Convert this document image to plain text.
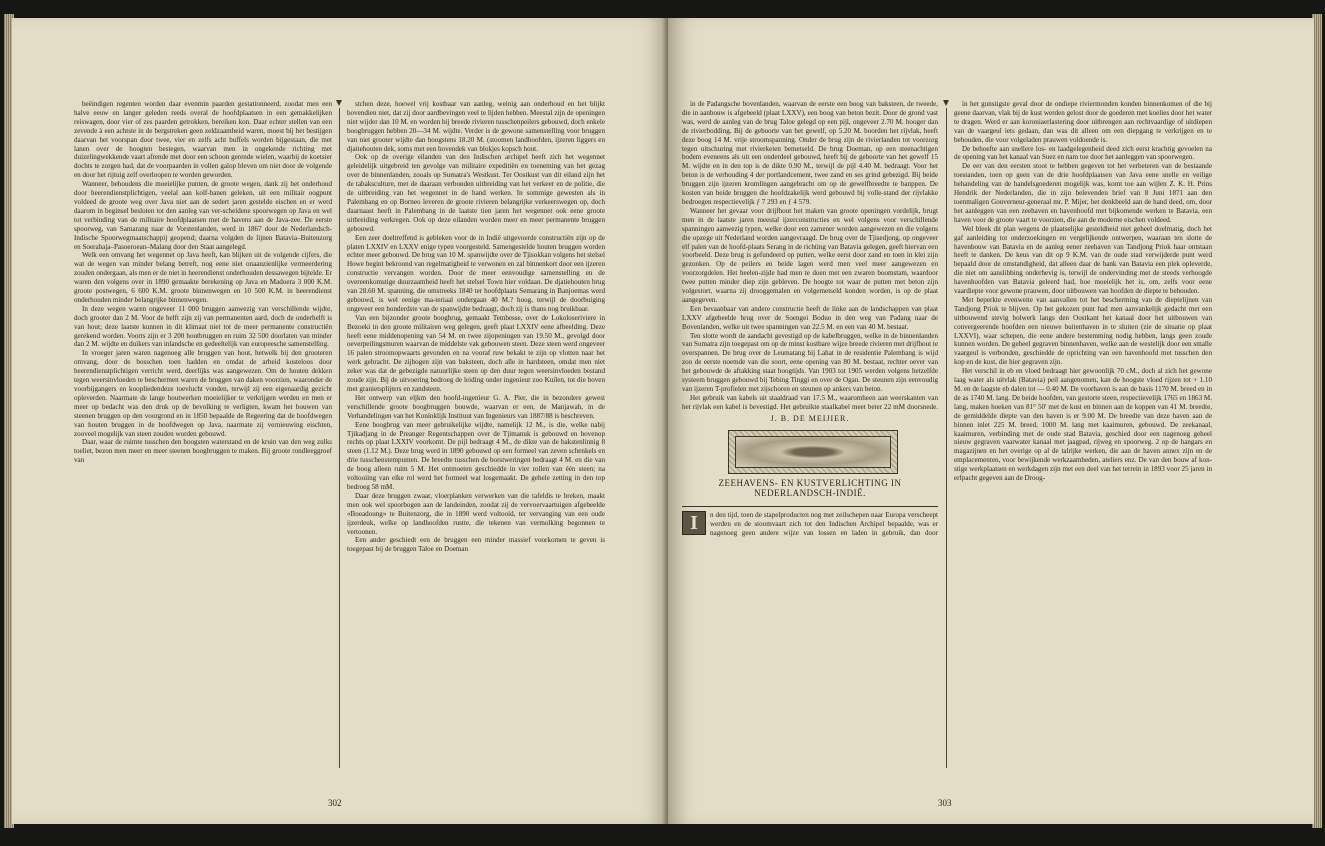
beëindigen regenten worden daar evenmin paarden gestationneerd, zoodat men een halve eeuw en langer geleden reeds overal de hoofdplaatsen in een gemakkelijken reiswagen, door vier of zes paarden getrokken, bereiken kon. Daar echter stellen van een zevende à een achtste in de bergstreken geen zeldzaamheid waren, moest bij het bestijgen daarvan het voorspan door twee, vier en zelfs acht buffels worden bijgestaan, die met lanen over de hoogten bestegen, waarvan men in ongekende richting met duizelingwekkende vaart afrende met door een schoon gerende wielen, waarbij de koetsier dochts te zorgen had, dat de voorpaarden in vollen galop bleven om niet door de volgende en door het rijtuig zelf overloopen te worden geworden.

Wanneer, behoudens die moeielijke punten, de groote wegen, dank zij het onderhoud door heerendienstplichtigen, veelal aan kolf-banen geleken, uit een militair oogpunt voldeed de groote weg over Java niet aan de sedert jaren gestelde eischen en er werd daarom in beginsel besloten tot den aanleg van ver-scheidene spoorwegen op Java en wel tot verbinding van de militaire hoofdplaatsen met de havens aan de Java-zee. De eerste spoorweg, van Samarang naar de Vorstenlanden, werd in 1867 door de Nederlandsch-Indische Spoorwegmaatschappij geopend; daarna volgden de lijnen Batavia–Buitenzorg en Soerabaja–Pasoeroean–Malang door den Staat aangelegd.

Welk een omvang het wegennet op Java heeft, kan blijken uit de volgende cijfers, die wat de wegen van minder belang betreft, nog eene niet onaanzienlijke vermeerdering zouden ondergaan, als men er de niet in heerendienst onderhouden dessawegen bijtelde. Er waren den volgens over in 1890 gemaakte berekening op Java en Madoera 3 000 K.M. groote postwegen, 6 600 K.M. groote binnenwegen en 10 500 K.M. in heerendienst onderhouden minder belangrijke binnenwegen.

In deze wegen waren ongeveer 11 000 bruggen aanwezig van verschillende wijdte, doch grooter dan 2 M. Voor de helft zijn zij van permanenten aard, doch de onderhelft is van hout; deze laatste kunnen in dit klimaat niet tot de meer permanente constructiën gerekend worden. Voorts zijn er 3 200 houtbruggen en ruim 32 500 doorlaten van minder dan 2 M. wijdte en duikers van inlandsche en gedeeltelijk van europeesche samenstelling.

In vroeger jaren waren nagenoeg alle bruggen van hout, hetwelk bij den grooteren omvang, door de bosschen toen hadden en omdat de arbeid kosteloos door heerendienstplichtigen verricht werd, deerlijks was aangewezen. Om de houten dekken tegen weersinvloeden te beschermen waren de bruggen van daken voorzien, waaronder de voorbijgangers en koopliedendeze toevlucht vonden, terwijl zij een eigenaardig gezicht opleverden. Naarmate de lange houtwerken moeielijker te verkrijgen werden en men er meer op bedacht was den druk op de bevolking te verligten, kwam het bouwen van steenen bruggen op den voorgrond en in 1850 bepaalde de Regeering dat de hoofdwegen van houten bruggen in de hoofdwegen op Java, naarmate zij vernieuwing eischten, zooveel mogelijk van steen zouden worden gebouwd.

Daar, waar de ruimte tusschen den hoogsten waterstand en de kruin van den weg zulks toeliet, bezon men meer en meer steenen boogbruggen te maken. Bij groote rondleeggroef van

stchen deze, hoewel vrij kostbaar van aanleg, weinig aan onderhoud en het blijkt bovendien niet, dat zij door aardbevingen veel te lijden hebben. Meestal zijn de openingen niet wijder dan 10 M. en worden bij breede rivieren tusschenpeilers gebouwd, doch enkele boogbruggen hebben 20—34 M. wijdte. Verder is de gewone samenstelling voor bruggen van niet grooter wijdte dan hoogstens 18.20 M. (stoomen landhoofden, ijzeren liggers en djatiehouten dek, soms met een hovendek van blokjes kopsch hout.

Ook op de overige eilanden van den Indischen archipel heeft zich het wegennet geleidelijk uitgebreid ten gevolge van militaire expeditiën en toeneming van het gezag over de binnenlanden, zooals op Sumatra's Westkust. Ter Oostkust van dit eiland zijn het de tabaksculture, met de daaraan verbonden uitbreiding van het verkeer en de politie, die de uitbreiding van het wegennet in de hand werken. In sommige gewesten als in Palembang en op Borneo leveren de groote rivieren belangrijke verkeerswegen op, doch daarnaast heeft in Palembang in de laatste tien jaren het wegennet ook eene groote uitbreiding verkregen. Ook op deze eilanden worden meer en meer permanente bruggen gebouwd.

Een zeer doeltreffend is gebleken voor de in Indië uitgevoerde constructiën zijn op de platen LXXIV en LXXV enige typen voorgesteld. Samengestelde houten bruggen worden echter meer gebouwd. De brug van 10 M. spanwijdte over de Tjisokkan volgens het stelsel Howe begint bekroond van regelmatigheid te verwonen en zal binnenkort door een ijzeren constructie vervangen worden. Door de meer eenvoudige samenstelling en de overeenkomstige duurzaamheid heeft het stelsel Town hier voldaan. De djatiehouten brug van 28.60 M. spanning, die omstreeks 1840 ter hoofdplaats Semarang in Banjoemas werd gebouwd, is wel eenige ma-teriaal ondergaan 40 M.? hoog, terwijl de doorbuiging ongeveer een honderdste van de spanwijdte bedraagt, doch zij is thans nog bruikbaar.

Van een bijzonder groote boogbrug, gemaakt Tembesse, over de Lokoloseriviere in Bezoeki in den groote militairen weg gelegen, geeft plaat LXXIV eene afbeelding. Deze heeft eene middenopening van 54 M. en twee zijopeningen van 19.50 M., gevolgd door oeverpeilingsmuren waarvan de middelste vak gebouwen steen. Deze steen werd ongeveer 16 palen stroomopwaarts gevonden en na vooraf ruw bekakt te zijn op vlotten naar het werk gebracht. De zijbogen zijn van baksteen, doch alle in hardsteen, omdat men niet zeker was dat de gebezigde natuurlijke steen op den duur tegen weersinvloeden bestand zoude zijn. Bij de uitvoering bedroeg de leiding onder ingenieur zoo Kuilen, tot die boven met granietsplijters en zandsteen.

Het ontwerp van eljkm den hoofd-ingenieur G. A. Pier, die in bezondere gewest verschillende groote boogbruggen bouwde, waarvan er een, de Manjawah, in de Verhandelingen van het Koninklijk Instituut van Ingenieurs van 1887/88 is beschreven.

Eene boogbrug van meer gebruikelijke wijdte, namelijk 12 M., is die, welke nabij Tjikadjang in de Preanger Regentschappen over de Tjimanuk is gebouwd en bovenop rechts op plaat LXXIV voorkomt. De pijl bedraagt 4 M., de dikte van de bakstenlinnig 8 steen (1.12 M.). Deze brug werd in 1890 gebouwd op een formeel van zeven schenkels en drie tusschenstempunten. De breedte tusschen de borstweringen bedraagt 4 M. en die van de boog alleen ruim 5 M. Het ontmoeten geschiedde in vier rollen van één steen; na voltooiing van elke rol werd het formeel wat losgemaakt. De gehele zetting in den top bedroeg 58 mM.

Daar deze bruggen zwaar, vloerplanken verwerken van die tafeldis te breken, maakt men ook wel spoorbogen aan de landeinden, zoodat zij de vervoervaartuigen afgebeelde «Boeadoung» te Buitenzorg, die in 1890 werd voltooid, ter vervanging van een oude ijzerdeuk, welke op landhoofden rustte, die tekenen van vermolking begonnen te vertoonen.

Een ander geschiedt een de bruggen een minder massief voorkomen te geven is toegepast bij de bruggen Taloe en Doeman

302

in de Padangsche bovenlanden, waarvan de eerste een boog van baksteen, de tweede, die in aanbouw is afgebeeld (plaat LXXV), een boog van beton bezit. Door de grond vast was, werd de aanleg van de brug Taloe gelegd op een pijl, ongeveer 2.70 M. hooger dan de rivierbodding. Bij de geboorte van het gewelf, op 5.20 M. boorden het rijvlak, heeft deze boog 14 M. vrije stroomspanning. Onder de brug zijn de rivierlanden tot voorzorg tegen uitschuring met rivierkeien bemetseld. De brug Doeman, op een steenachtigen bodem eveneens als uit een onderdeel gebouwd, heeft bij de geboorte van het gewelf 15 M. wijdte en in den top is de dikte 0.90 M., terwijl de pijl 4.40 M. bedraagt. Voor het beton is de verhouding 4 der portlandcement, twee zand en ses grind gebezigd. Bij beide bruggen zijn ijzeren kromlingen aangebracht om op de gewelfbreedte te banppen. De kosten van beide bruggen die hoofdzakelijk werd gebouwd bij volle-stand der rijvlakke bedroegen respectievelijk ƒ 7 293 en ƒ 4 579.

Wanneer het gevaar voor drijfhout het maken van groote openingen vordelijk, brugt men in de laatste jaren meestal ijzerconstructies en wel volgens voor verschillende spanningen aanwezig typen, welke door een zamener worden aangewezen en die volgens die opzege uit Nederland worden aangevraagd. De brug over de Tjisedjong, op ongeveer elf palen van de hoofd-plaats Serang in de richting van Batavia gelegen, geeft hiervan een voorbeeld. Deze brug is gefundeerd op putten, welke eerst door zand en toen in klei zijn gezonken. Op de peilers en beide lagen werd men veel meer aangewezen en voorzorgdelen. Het heelen-zijde had men te doen met een zwaren boomstam, waardoor twee putten minder diep zijn gebleven. De hoogte tot waar de putten met beton zijn volgestort, waarna zij drooggemalen en volgemetseld konden worden, is op de plaat aangegeven.

Een bevaanbaar van andere constructie heeft de linke aan de landschappen van plaat LXXV afgebeelde brug over de Soengei Boduo in den weg van Padang naar de Bovenlanden, welke uit twee spanningen van 22.5 M. en een van 40 M. bestaat.

Ten slotte wordt de aandacht gevestigd op de kabelbruggen, welke in de binnenlanden van Sumatra zijn toegepast om op de minst kostbare wijze breede rivieren met drijfhout te overspannen. De brug over de Leumatang bij Lahat in de residentie Palembang is wijd zoo de eerste noemde van die soort, eene opening van 80 M. bestaat, rechter oever van het gebouwde de aftakking staat hoogtijds. Van 1903 tot 1905 werden volgens hetzelfde systeem bruggen gebouwd bij Tebing Tinggi en over de Ogan. De steunen zijn eenvoudig van ijzeren T-profielen met zijschoren en steunen op ankers van beton.

Het gebruik van kabels uit staaldraad van 17.5 M., waaromheen aan weerskanten van het rijvlak een kabel is bevestigd. Het gebruikte staalkabel meet beter 22 mM doorsnede.

J. B. DE MEIJIER.
ZEEHAVENS- EN KUSTVERLICHTING IN
NEDERLANDSCH-INDIË.
I	n den tijd, toen de stapelproducten nog met zeilschepen naar Europa verscheept werden en de stoomvaart zich tot den Indischen Archipel bepaalde, was er nagenoeg geen andere wijze van lossen en laden in gebruik, dan door

in het gunstigste geval door de ondiepe riviermonden konden binnenkomen of die bij geene daarvan, vlak bij de kust werden gelost door de goederen met koelies door het water te dragen. Werd er aan koroniaerlastering door uitbrengen aan rechtvaardige of uitdiepen van de vaargeul iets gedaan, dan was dit alleen om een diepgang te verkrijgen en te behouden, die voor volgeladen prauwen voldoende is.

De behoefte aan snellere los- en laadgelegenheid deed zich eerst krachtig gevoelen na de opening van het kanaal van Suez en nam toe door het aanleggen van spoorwegen.

De eer van den eersten stoot te hebben gegeven tot het verbeteren van de bestaande toestanden, toen op geen van de drie hoofdplaatsen van Java eene snelle en veilige behandeling van de handelsgoederen mogelijk was, komt toe aan wijlen Z. K. H. Prins Hendrik der Nederlanden, die in zijn belevenden brief van 8 Juni 1871 aan den toenmaligen Gouverneur-generaal mr. P. Mijer, het denkbeeld aan de hand deed, om, door het aanleggen van een zeehaven en havenhoofd met bijkomende werken te Batavia, een haven voor de groote vaart te voorzien, die aan de moderne eischen voldeed.

Wel bleek dit plan wegens de plaatselijke gesteldheid niet geheel doelmatig, doch het gaf aanleiding tot onderzoekingen en vergelijkende ontwerpen, waaraan ten slotte de havenbouw van Batavia en de aanleg eener zeehaven van Tandjong Priok haar ontstaan heeft te danken. De keus van dit op 9 K.M. van de oude stad verwijderde punt werd bepaald door de omstandigheid, dat alleen daar de bank van Batavia een plek opleverde, die niet om aanslibbing onderhevig is, terwijl de ondervinding met de steeds verhoogde havenhoofden van Batavia geleerd had, hoe moeielijk het is, om, zelfs voor eene vaardiepte voor gewone prauwen, door uitbouwen van hoofden de diepte te behouden.

Met beperkte evenweite van aanvallen tot het bescherming van de dieptelijnen van Tandjong Priok te blijven. Op het gekozen punt had men aanvankelijk gedacht met een uitbouwend stevig bolwerk langs den Oostkant het kanaal door het uitbouwen van convergeerende hoofden een nieuwe buitenhaven in te sluiten (zie de situatie op plaat LXXVI), waar schepen, die eene andere bestemming nodig hebben, langs geen zoude kunnen worden. De geheel gegraven binnenhaven, welke aan de westelijk door een smalle vaargeul is verbonden, geschiedde de oprichting van een havenhoofd met tusschen den kop en de kust, die hier gegraven zijn.

Het verschil in eb en vloed bedraagt hier gewoonlijk 70 cM., doch al zich het gewone laag water als uitvlak (Batavia) peil aangenomen, kan de hoogste vloed rijzen tot + 1.10 M. en de laagste eb dalen tot — 0.40 M. De voorhaven is aan de basis 1170 M. breed en in de as 1740 M. lang. De beide hoofden, van gestorte steen, respectievelijk 1765 en 1863 M. lang, maken hoeken van 81° 50' met de kust en binnen aan de koppen van 41 M. breedte, de gemiddelde diepte van den haven is er 9.00 M. De breedte van deze haven aan de binnen inlet 225 M. breed, 1000 M. lang met kaaimuren, gebouwd. De zeekanaal, kaaimuren, verbinding met de oude stad Batavia, geschied door een nagenoeg geheel nieuw gegraven vaarwater kanaal met jaagpad, rijweg en spoorweg. 2 op de hangars en magazijnen en het overige op al de talrijke werken, die aan de haven annex zijn en de emplacementen, voor bewijkende werkzaamheden, ateliers enz. De van den bouw af kon-stige werkplaatsen en werkdagen zijn met een deel van het terrein in 1893 voor 25 jaren in erfpacht gegeven aan de Droog-

303
